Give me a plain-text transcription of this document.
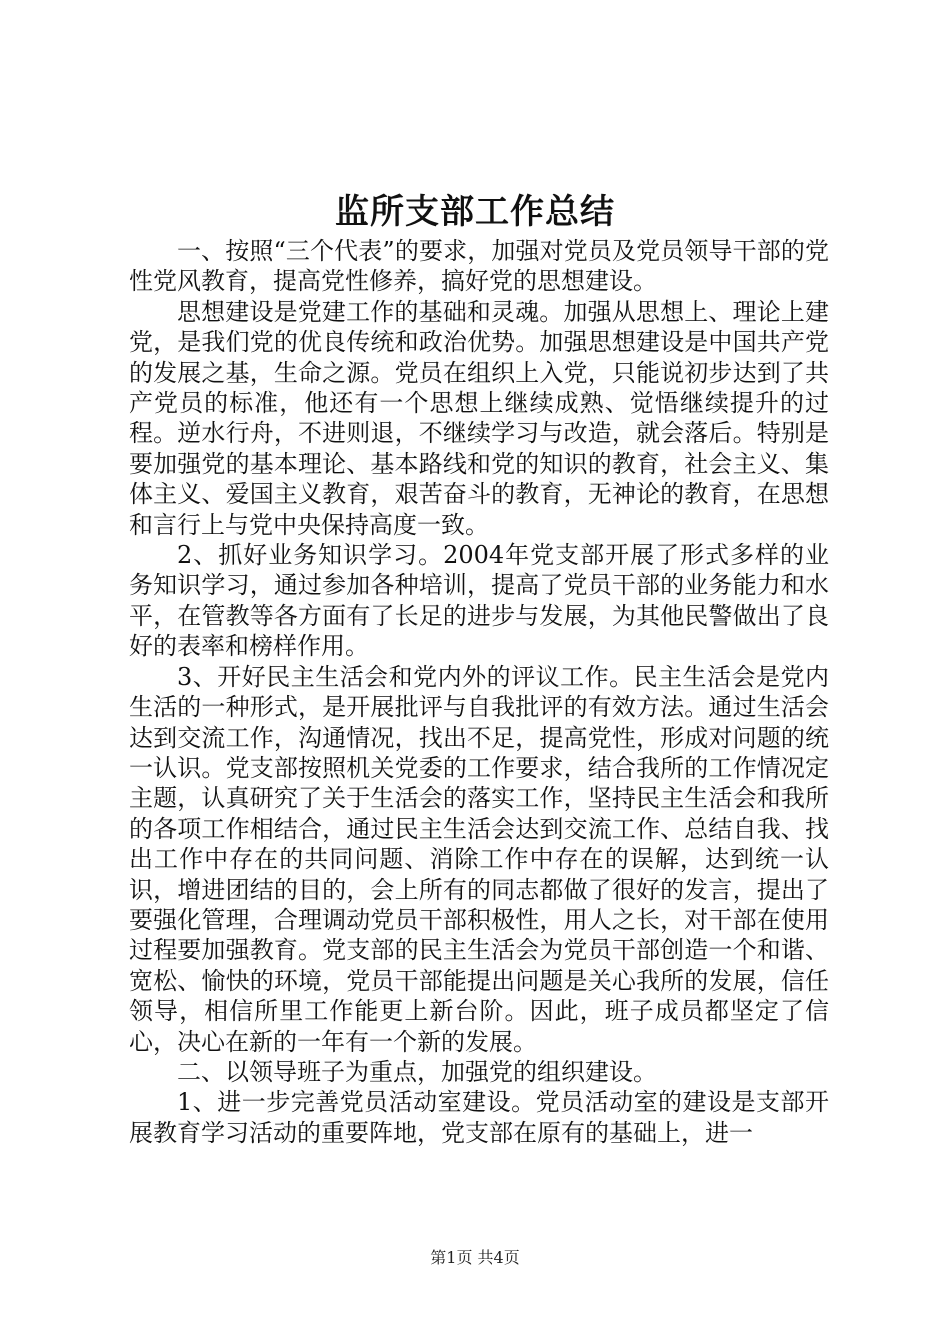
监所支部工作总结

一、按照“三个代表”的要求，加强对党员及党员领导干部的党性党风教育，提高党性修养，搞好党的思想建设。

思想建设是党建工作的基础和灵魂。加强从思想上、理论上建党，是我们党的优良传统和政治优势。加强思想建设是中国共产党的发展之基，生命之源。党员在组织上入党，只能说初步达到了共产党员的标准，他还有一个思想上继续成熟、觉悟继续提升的过程。逆水行舟，不进则退，不继续学习与改造，就会落后。特别是要加强党的基本理论、基本路线和党的知识的教育，社会主义、集体主义、爱国主义教育，艰苦奋斗的教育，无神论的教育，在思想和言行上与党中央保持高度一致。

2、抓好业务知识学习。2004年党支部开展了形式多样的业务知识学习，通过参加各种培训，提高了党员干部的业务能力和水平，在管教等各方面有了长足的进步与发展，为其他民警做出了良好的表率和榜样作用。

3、开好民主生活会和党内外的评议工作。民主生活会是党内生活的一种形式，是开展批评与自我批评的有效方法。通过生活会达到交流工作，沟通情况，找出不足，提高党性，形成对问题的统一认识。党支部按照机关党委的工作要求，结合我所的工作情况定主题，认真研究了关于生活会的落实工作，坚持民主生活会和我所的各项工作相结合，通过民主生活会达到交流工作、总结自我、找出工作中存在的共同问题、消除工作中存在的误解，达到统一认识，增进团结的目的，会上所有的同志都做了很好的发言，提出了要强化管理，合理调动党员干部积极性，用人之长，对干部在使用过程要加强教育。党支部的民主生活会为党员干部创造一个和谐、宽松、愉快的环境，党员干部能提出问题是关心我所的发展，信任领导，相信所里工作能更上新台阶。因此，班子成员都坚定了信心，决心在新的一年有一个新的发展。

二、以领导班子为重点，加强党的组织建设。

1、进一步完善党员活动室建设。党员活动室的建设是支部开展教育学习活动的重要阵地，党支部在原有的基础上，进一

第1页 共4页
